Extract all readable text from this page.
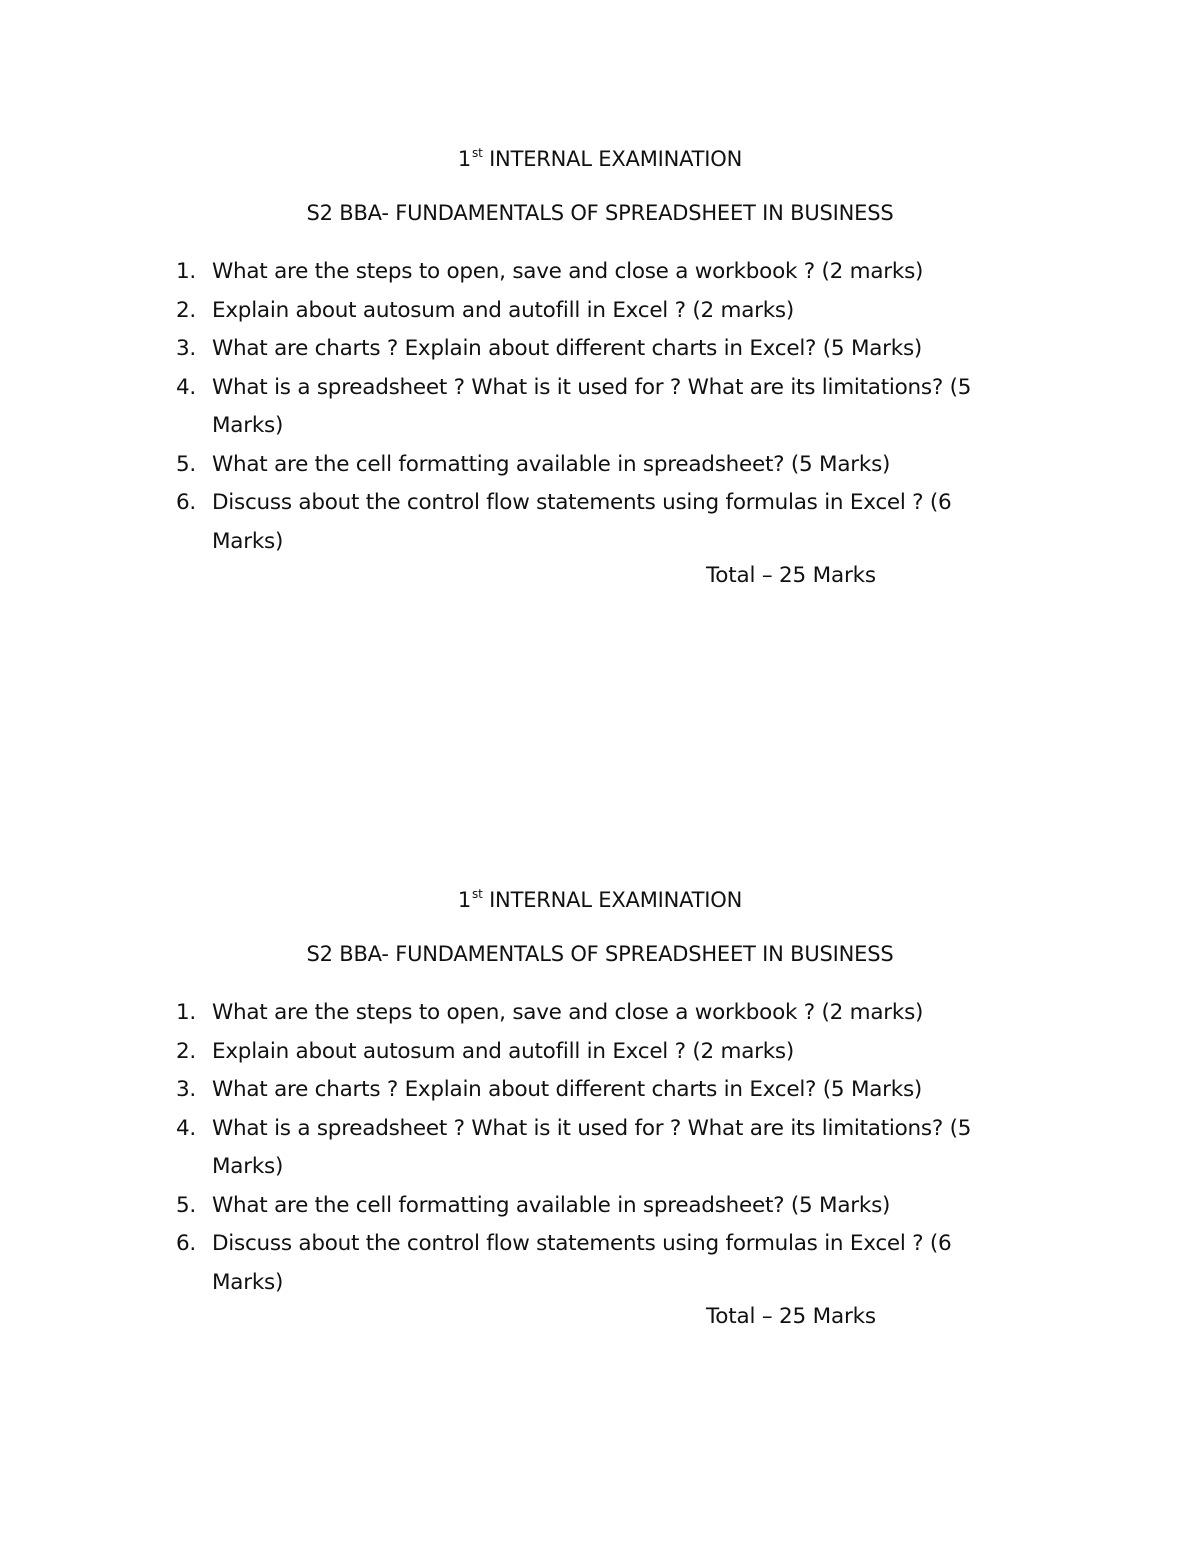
1st INTERNAL EXAMINATION
S2 BBA- FUNDAMENTALS OF SPREADSHEET IN BUSINESS
1. What are the steps to open, save and close a workbook ? (2 marks)
2. Explain about autosum and autofill in Excel ? (2 marks)
3. What are charts ? Explain about different charts in Excel? (5 Marks)
4. What is a spreadsheet ? What is it used for ? What are its limitations? (5 Marks)
5. What are the cell formatting available in spreadsheet? (5 Marks)
6. Discuss about the control flow statements using formulas in Excel ? (6 Marks)
Total – 25 Marks
1st INTERNAL EXAMINATION
S2 BBA- FUNDAMENTALS OF SPREADSHEET IN BUSINESS
1. What are the steps to open, save and close a workbook ? (2 marks)
2. Explain about autosum and autofill in Excel ? (2 marks)
3. What are charts ? Explain about different charts in Excel? (5 Marks)
4. What is a spreadsheet ? What is it used for ? What are its limitations? (5 Marks)
5. What are the cell formatting available in spreadsheet? (5 Marks)
6. Discuss about the control flow statements using formulas in Excel ? (6 Marks)
Total – 25 Marks
